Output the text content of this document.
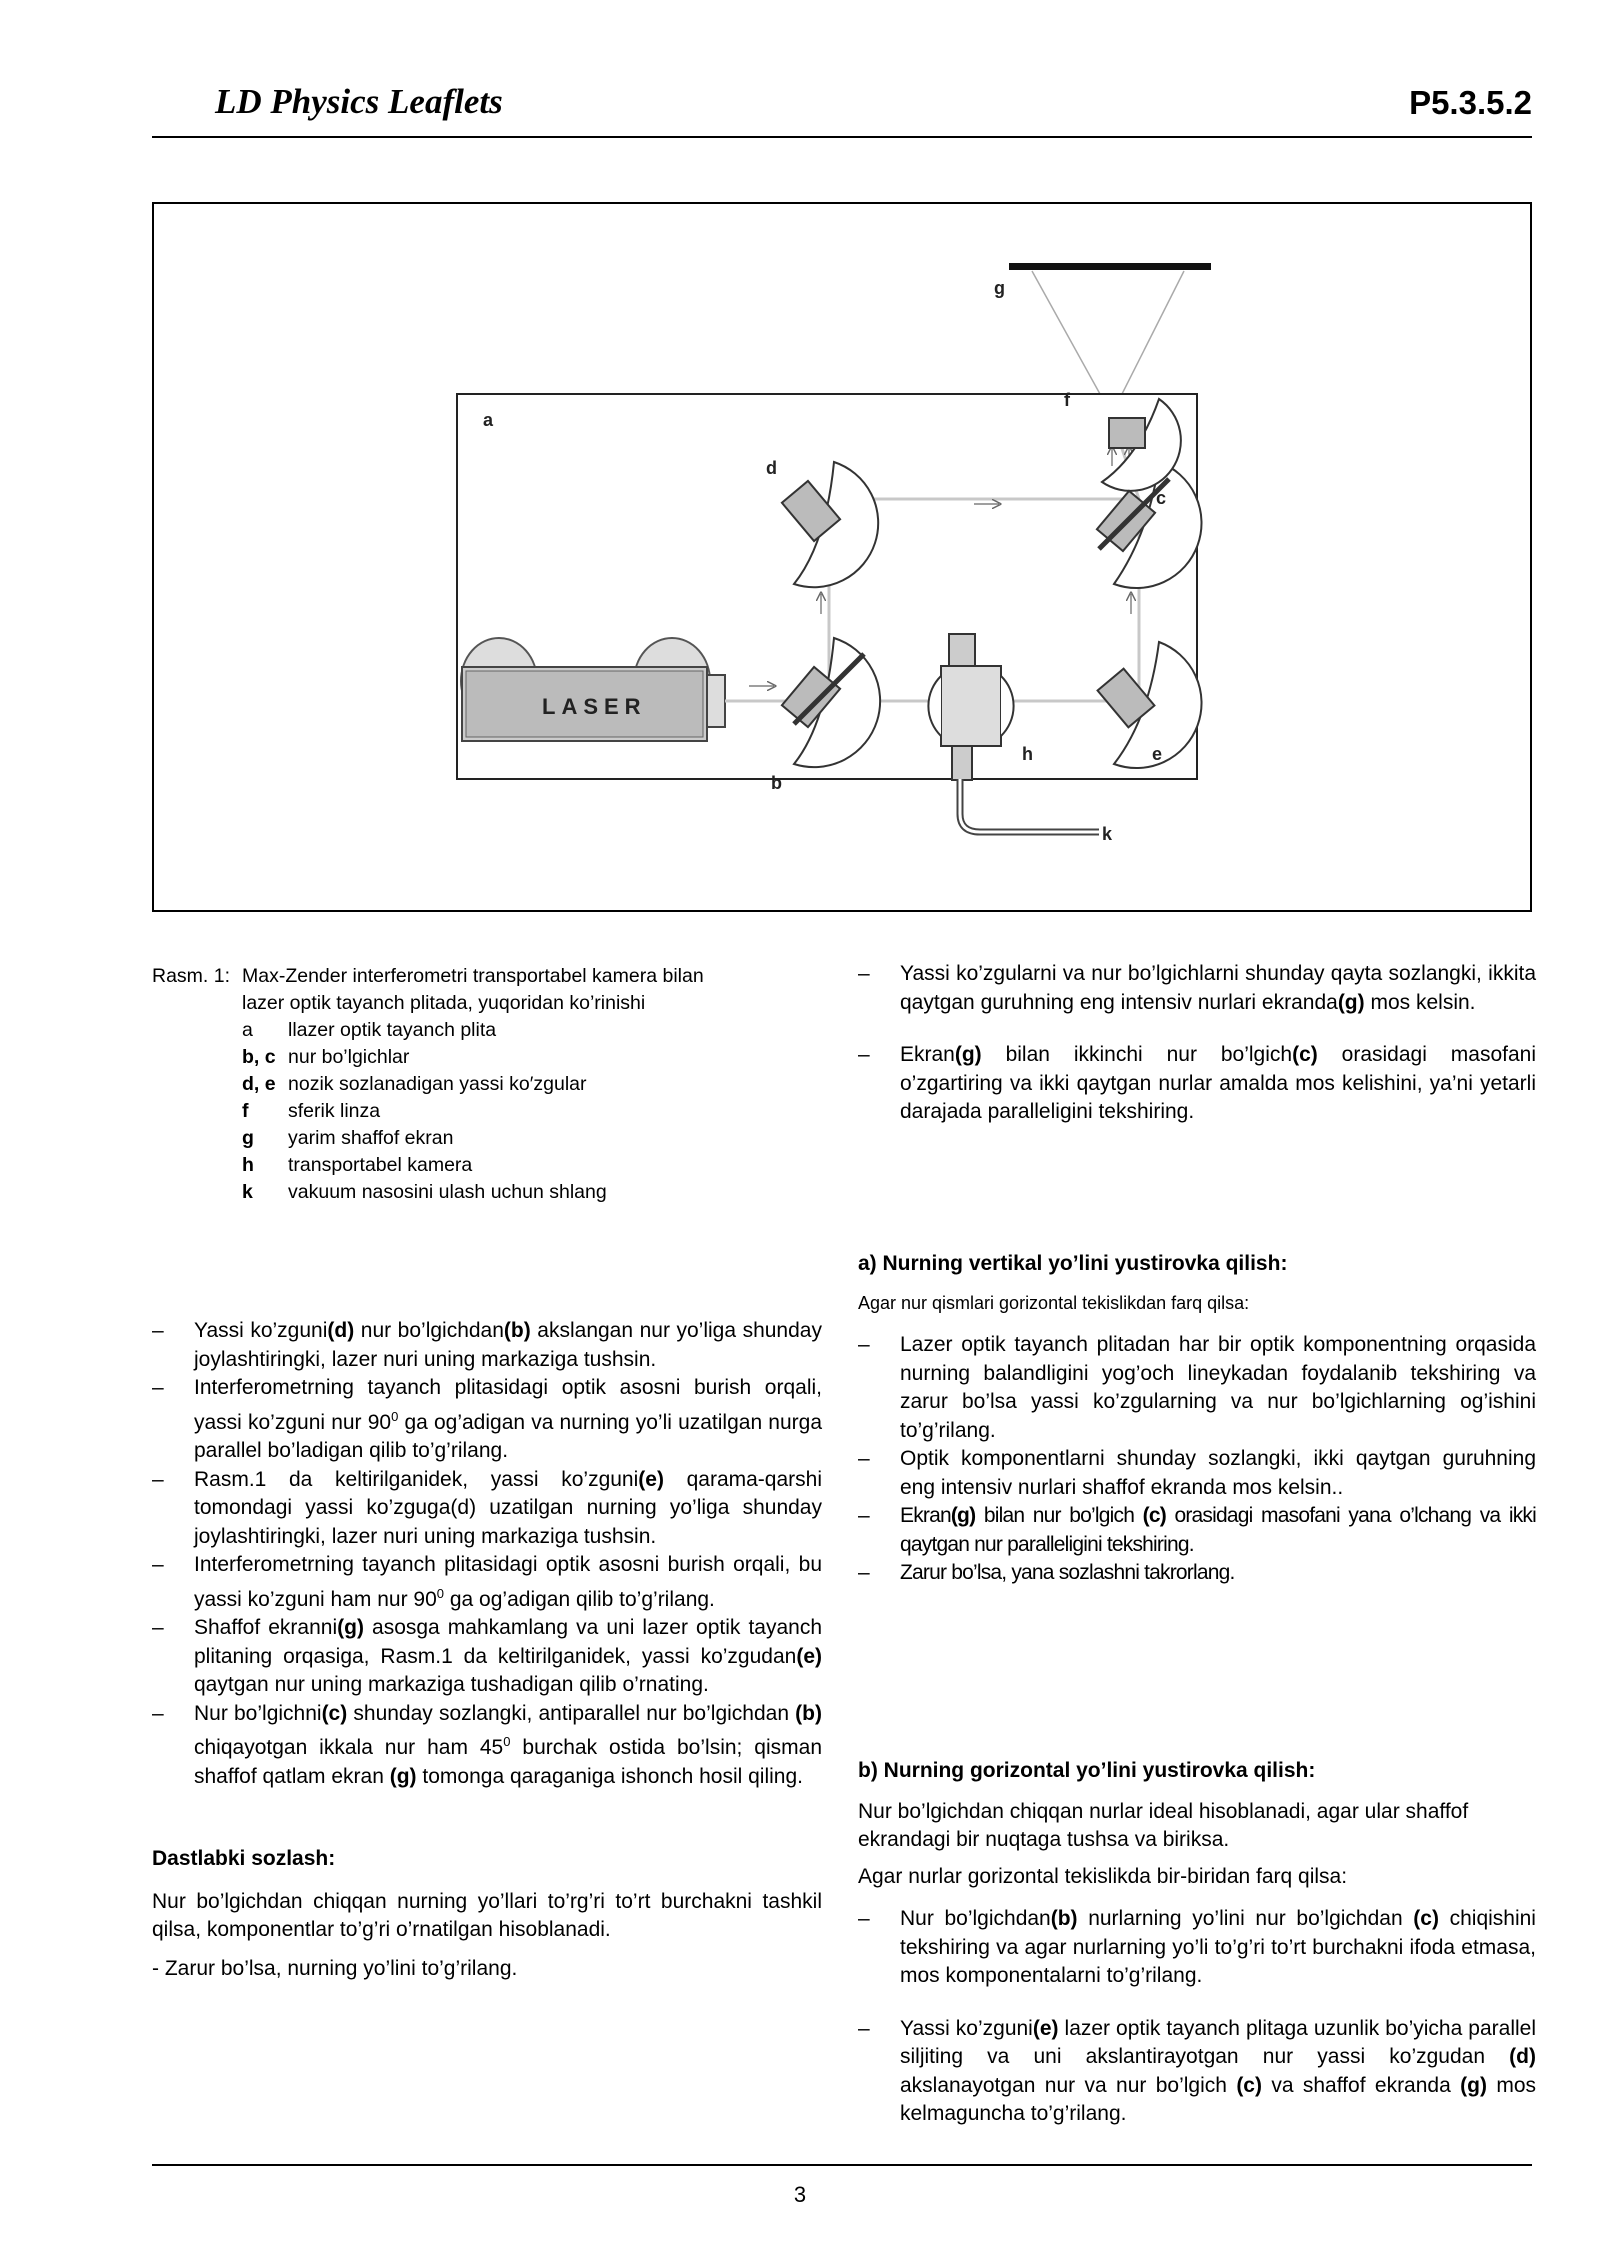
LD Physics Leaflets	P5.3.5.2
LASER
a
b
c
d
e
f
g
h
k
Rasm. 1: Max-Zender interferometri transportabel kamera bilan
lazer optik tayanch plitada, yuqoridan ko’rinishi
a	llazer optik tayanch plita
b, c nur bo’lgichlar
d, e nozik sozlanadigan yassi ko′zgular
f	sferik linza
g	yarim shaffof ekran
h	transportabel kamera
k	vakuum nasosini ulash uchun shlang
– Yassi ko’zgularni va nur bo’lgichlarni shunday qayta sozlangki, ikkita qaytgan guruhning eng intensiv nurlari ekranda(g) mos kelsin.
– Ekran(g) bilan ikkinchi nur bo’lgich(c) orasidagi masofani o’zgartiring va ikki qaytgan nurlar amalda mos kelishini, ya’ni yetarli darajada paralleligini tekshiring.
a) Nurning vertikal yo’lini yustirovka qilish:
Agar nur qismlari gorizontal tekislikdan farq qilsa:
– Lazer optik tayanch plitadan har bir optik komponentning orqasida nurning balandligini yog’och lineykadan foydalanib tekshiring va zarur bo’lsa yassi ko’zgularning va nur bo’lgichlarning og’ishini to’g’rilang.
– Optik komponentlarni shunday sozlangki, ikki qaytgan guruhning eng intensiv nurlari shaffof ekranda mos kelsin..
– Ekran(g) bilan nur bo’lgich (c) orasidagi masofani yana o’lchang va ikki qaytgan nur paralleligini tekshiring.
– Zarur bo’lsa, yana sozlashni takrorlang.
b) Nurning gorizontal yo’lini yustirovka qilish:
Nur bo’lgichdan chiqqan nurlar ideal hisoblanadi, agar ular shaffof ekrandagi bir nuqtaga tushsa va biriksa.
Agar nurlar gorizontal tekislikda bir-biridan farq qilsa:
– Nur bo’lgichdan(b) nurlarning yo’lini nur bo’lgichdan (c) chiqishini tekshiring va agar nurlarning yo’li to’g’ri to’rt burchakni ifoda etmasa, mos komponentalarni to’g’rilang.
– Yassi ko’zguni(e) lazer optik tayanch plitaga uzunlik bo’yicha parallel siljiting va uni akslantirayotgan nur yassi ko’zgudan (d) akslanayotgan nur va nur bo’lgich (c) va shaffof ekranda (g) mos kelmaguncha to’g’rilang.
– Yassi ko’zguni(d) nur bo’lgichdan(b) akslangan nur yo’liga shunday joylashtiringki, lazer nuri uning markaziga tushsin.
– Interferometrning tayanch plitasidagi optik asosni burish orqali, yassi ko’zguni nur $90^0$ ga og’adigan va nurning yo’li uzatilgan nurga parallel bo’ladigan qilib to’g’rilang.
– Rasm.1 da keltirilganidek, yassi ko’zguni(e) qarama-qarshi tomondagi yassi ko’zguga(d) uzatilgan nurning yo’liga shunday joylashtiringki, lazer nuri uning markaziga tushsin.
– Interferometrning tayanch plitasidagi optik asosni burish orqali, bu yassi ko’zguni ham nur $90^0$ ga og’adigan qilib to’g’rilang.
– Shaffof ekranni(g) asosga mahkamlang va uni lazer optik tayanch plitaning orqasiga, Rasm.1 da keltirilganidek, yassi ko’zgudan(e) qaytgan nur uning markaziga tushadigan qilib o’rnating.
– Nur bo’lgichni(c) shunday sozlangki, antiparallel nur bo’lgichdan (b) chiqayotgan ikkala nur ham $45^0$ burchak ostida bo’lsin; qisman shaffof qatlam ekran (g) tomonga qaraganiga ishonch hosil qiling.
Dastlabki sozlash:
Nur bo’lgichdan chiqqan nurning yo’llari to’rg’ri to’rt burchakni tashkil qilsa, komponentlar to’g’ri o’rnatilgan hisoblanadi.
- Zarur bo’lsa, nurning yo’lini to’g’rilang.
3
